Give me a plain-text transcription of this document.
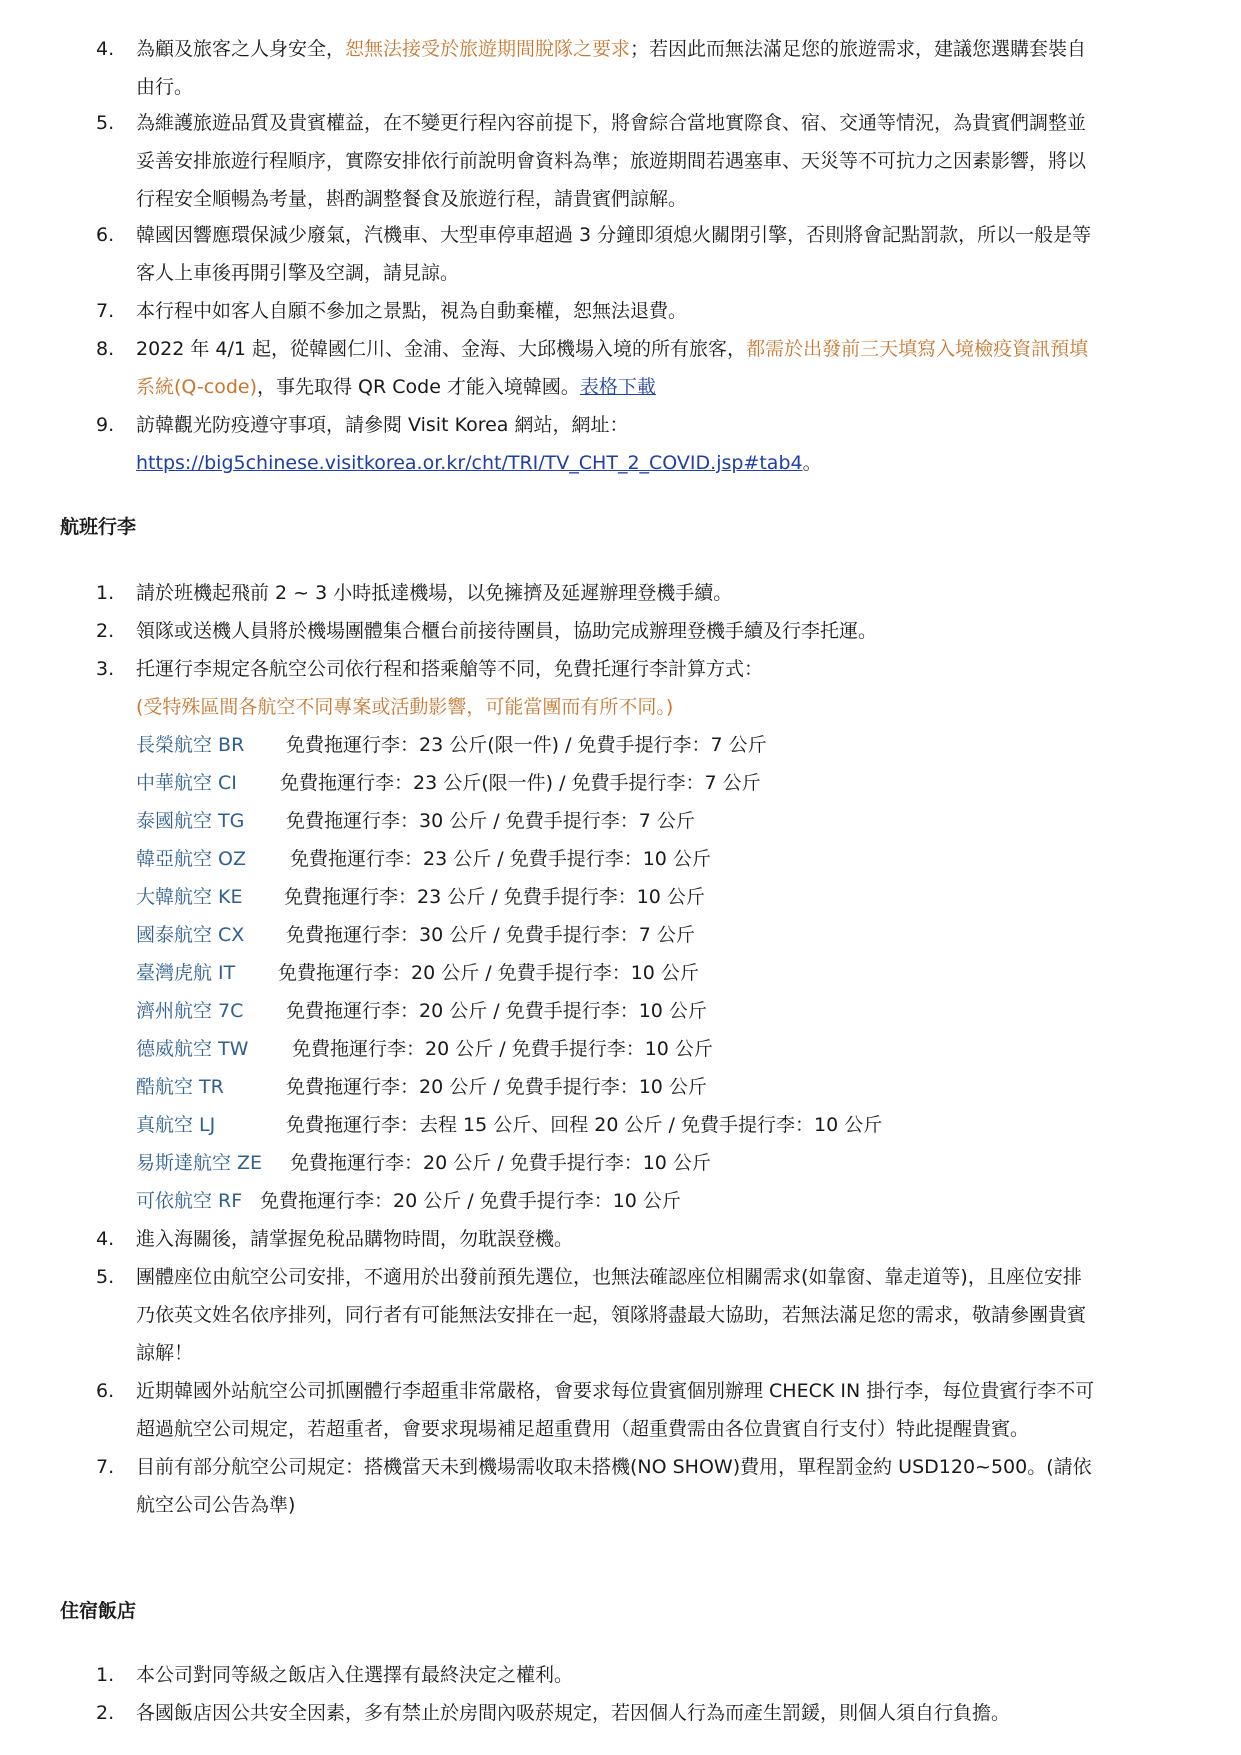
4.	為顧及旅客之人身安全，恕無法接受於旅遊期間脫隊之要求；若因此而無法滿足您的旅遊需求，建議您選購套裝自
由行。
5.	為維護旅遊品質及貴賓權益，在不變更行程內容前提下，將會綜合當地實際食、宿、交通等情況，為貴賓們調整並
妥善安排旅遊行程順序，實際安排依行前說明會資料為準；旅遊期間若遇塞車、天災等不可抗力之因素影響，將以
行程安全順暢為考量，斟酌調整餐食及旅遊行程，請貴賓們諒解。
6.	韓國因響應環保減少廢氣，汽機車、大型車停車超過 3 分鐘即須熄火關閉引擎，否則將會記點罰款，所以一般是等
客人上車後再開引擎及空調，請見諒。
7.	本行程中如客人自願不參加之景點，視為自動棄權，恕無法退費。
8.	2022 年 4/1 起，從韓國仁川、金浦、金海、大邱機場入境的所有旅客，都需於出發前三天填寫入境檢疫資訊預填
系統(Q-code)，事先取得 QR Code 才能入境韓國。表格下載
9.	訪韓觀光防疫遵守事項，請參閱 Visit Korea 網站，網址：
https://big5chinese.visitkorea.or.kr/cht/TRI/TV_CHT_2_COVID.jsp#tab4。
航班行李
1.	請於班機起飛前 2 ~ 3 小時抵達機場，以免擁擠及延遲辦理登機手續。
2.	領隊或送機人員將於機場團體集合櫃台前接待團員，協助完成辦理登機手續及行李托運。
3.	托運行李規定各航空公司依行程和搭乘艙等不同，免費托運行李計算方式：
(受特殊區間各航空不同專案或活動影響，可能當團而有所不同。)
長榮航空 BR 免費拖運行李：23 公斤(限一件) / 免費手提行李：7 公斤
中華航空 CI 免費拖運行李：23 公斤(限一件) / 免費手提行李：7 公斤
泰國航空 TG 免費拖運行李：30 公斤 / 免費手提行李：7 公斤
韓亞航空 OZ 免費拖運行李：23 公斤 / 免費手提行李：10 公斤
大韓航空 KE 免費拖運行李：23 公斤 / 免費手提行李：10 公斤
國泰航空 CX 免費拖運行李：30 公斤 / 免費手提行李：7 公斤
臺灣虎航 IT 免費拖運行李：20 公斤 / 免費手提行李：10 公斤
濟州航空 7C 免費拖運行李：20 公斤 / 免費手提行李：10 公斤
德威航空 TW 免費拖運行李：20 公斤 / 免費手提行李：10 公斤
酷航空 TR	免費拖運行李：20 公斤 / 免費手提行李：10 公斤
真航空 LJ	免費拖運行李：去程 15 公斤、回程 20 公斤 / 免費手提行李：10 公斤
易斯達航空 ZE 免費拖運行李：20 公斤 / 免費手提行李：10 公斤
可依航空 RF 免費拖運行李：20 公斤 / 免費手提行李：10 公斤
4.	進入海關後，請掌握免稅品購物時間，勿耽誤登機。
5.	團體座位由航空公司安排，不適用於出發前預先選位，也無法確認座位相關需求(如靠窗、靠走道等)，且座位安排
乃依英文姓名依序排列，同行者有可能無法安排在一起，領隊將盡最大協助，若無法滿足您的需求，敬請參團貴賓
諒解！
6.	近期韓國外站航空公司抓團體行李超重非常嚴格，會要求每位貴賓個別辦理 CHECK IN 掛行李，每位貴賓行李不可
超過航空公司規定，若超重者，會要求現場補足超重費用（超重費需由各位貴賓自行支付）特此提醒貴賓。
7.	目前有部分航空公司規定：搭機當天未到機場需收取未搭機(NO SHOW)費用，單程罰金約 USD120~500。(請依
航空公司公告為準)
住宿飯店
1.	本公司對同等級之飯店入住選擇有最終決定之權利。
2.	各國飯店因公共安全因素，多有禁止於房間內吸菸規定，若因個人行為而產生罰鍰，則個人須自行負擔。
